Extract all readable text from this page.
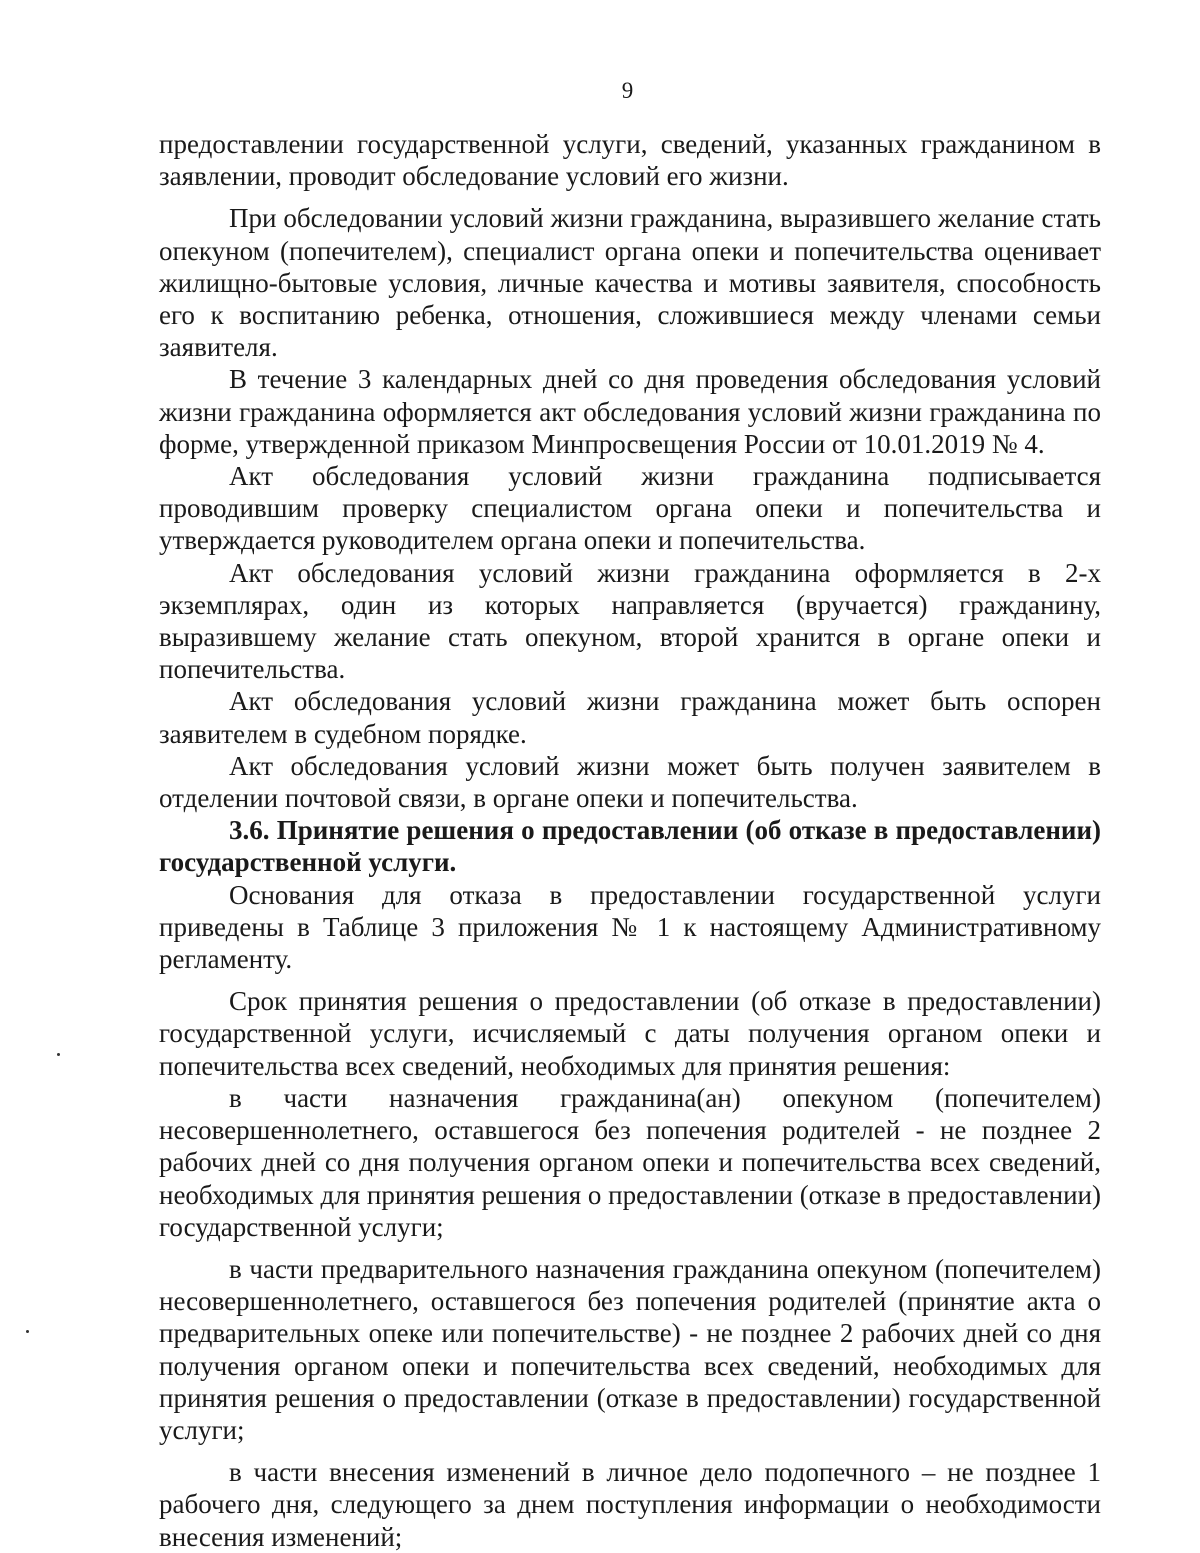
9

предоставлении государственной услуги, сведений, указанных гражданином в заявлении, проводит обследование условий его жизни.

При обследовании условий жизни гражданина, выразившего желание стать опекуном (попечителем), специалист органа опеки и попечительства оценивает жилищно-бытовые условия, личные качества и мотивы заявителя, способность его к воспитанию ребенка, отношения, сложившиеся между членами семьи заявителя.

В течение 3 календарных дней со дня проведения обследования условий жизни гражданина оформляется акт обследования условий жизни гражданина по форме, утвержденной приказом Минпросвещения России от 10.01.2019 № 4.

Акт обследования условий жизни гражданина подписывается проводившим проверку специалистом органа опеки и попечительства и утверждается руководителем органа опеки и попечительства.

Акт обследования условий жизни гражданина оформляется в 2-х экземплярах, один из которых направляется (вручается) гражданину, выразившему желание стать опекуном, второй хранится в органе опеки и попечительства.

Акт обследования условий жизни гражданина может быть оспорен заявителем в судебном порядке.

Акт обследования условий жизни может быть получен заявителем в отделении почтовой связи, в органе опеки и попечительства.

3.6. Принятие решения о предоставлении (об отказе в предоставлении) государственной услуги.

Основания для отказа в предоставлении государственной услуги приведены в Таблице 3 приложения № 1 к настоящему Административному регламенту.

Срок принятия решения о предоставлении (об отказе в предоставлении) государственной услуги, исчисляемый с даты получения органом опеки и попечительства всех сведений, необходимых для принятия решения:

в части назначения гражданина(ан) опекуном (попечителем) несовершеннолетнего, оставшегося без попечения родителей - не позднее 2 рабочих дней со дня получения органом опеки и попечительства всех сведений, необходимых для принятия решения о предоставлении (отказе в предоставлении) государственной услуги;

в части предварительного назначения гражданина опекуном (попечителем) несовершеннолетнего, оставшегося без попечения родителей (принятие акта о предварительных опеке или попечительстве) - не позднее 2 рабочих дней со дня получения органом опеки и попечительства всех сведений, необходимых для принятия решения о предоставлении (отказе в предоставлении) государственной услуги;

в части внесения изменений в личное дело подопечного – не позднее 1 рабочего дня, следующего за днем поступления информации о необходимости внесения изменений;
